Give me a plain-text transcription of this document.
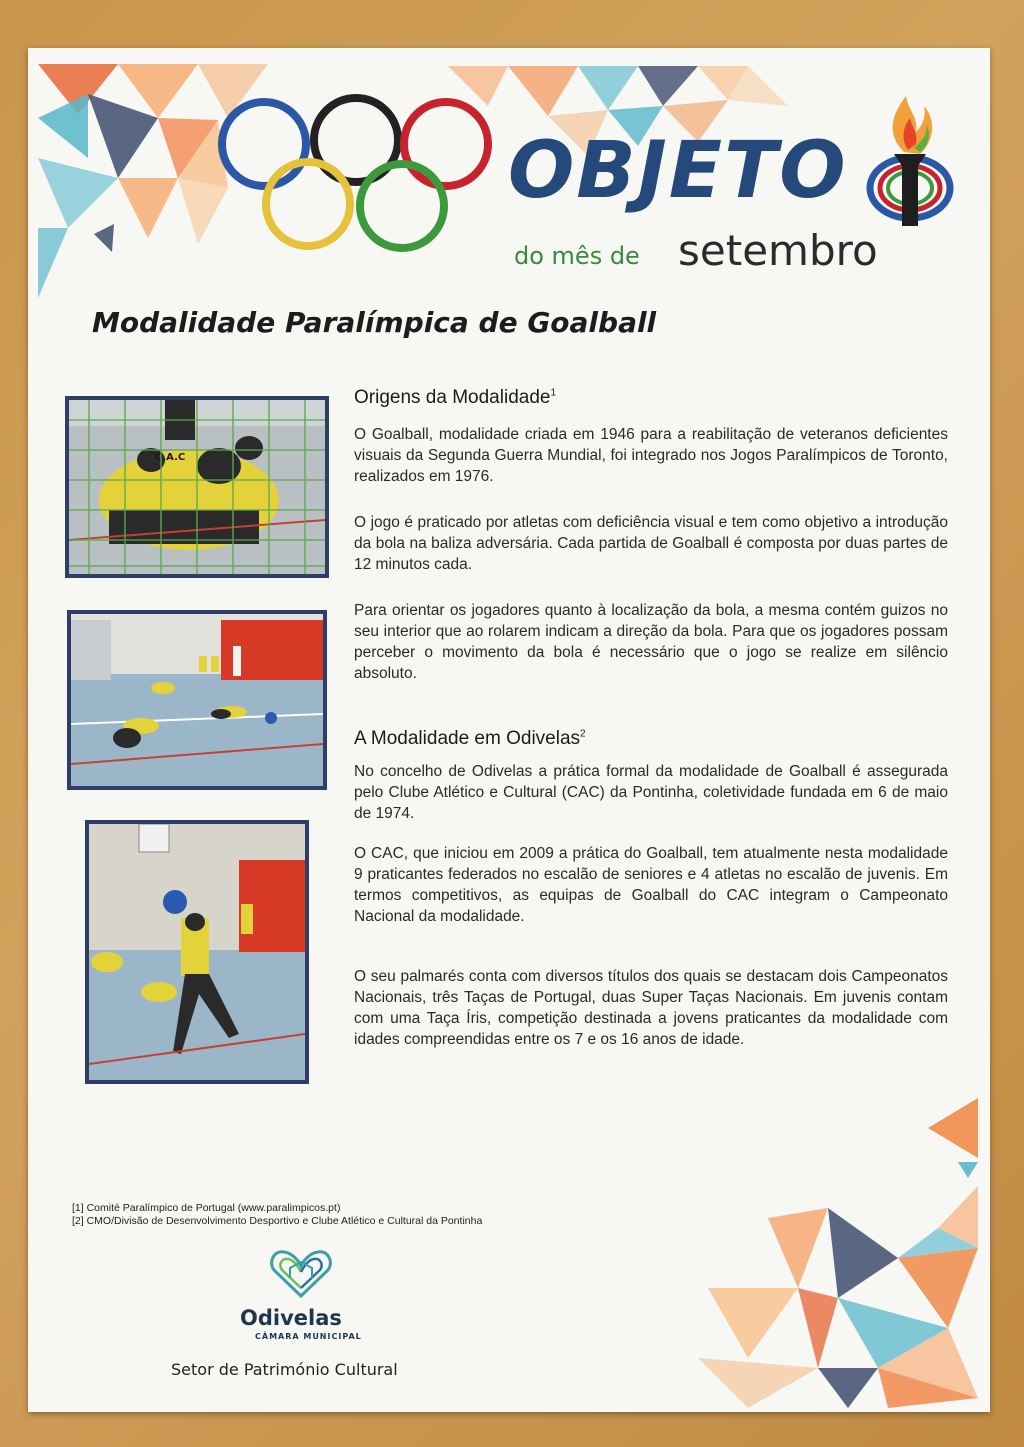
OBJETO
do mês de setembro
Modalidade Paralímpica de Goalball
C.A.C
Origens da Modalidade$^1$

O Goalball, modalidade criada em 1946 para a reabilitação de veteranos deficientes visuais da Segunda Guerra Mundial, foi integrado nos Jogos Paralímpicos de Toronto, realizados em 1976.

O jogo é praticado por atletas com deficiência visual e tem como objetivo a introdução da bola na baliza adversária. Cada partida de Goalball é composta por duas partes de 12 minutos cada.

Para orientar os jogadores quanto à localização da bola, a mesma contém guizos no seu interior que ao rolarem indicam a direção da bola. Para que os jogadores possam perceber o movimento da bola é necessário que o jogo se realize em silêncio absoluto.

A Modalidade em Odivelas$^2$

No concelho de Odivelas a prática formal da modalidade de Goalball é assegurada pelo Clube Atlético e Cultural (CAC) da Pontinha, coletividade fundada em 6 de maio de 1974.

O CAC, que iniciou em 2009 a prática do Goalball, tem atualmente nesta modalidade 9 praticantes federados no escalão de seniores e 4 atletas no escalão de juvenis. Em termos competitivos, as equipas de Goalball do CAC integram o Campeonato Nacional da modalidade.

O seu palmarés conta com diversos títulos dos quais se destacam dois Campeonatos Nacionais, três Taças de Portugal, duas Super Taças Nacionais. Em juvenis contam com uma Taça Íris, competição destinada a jovens praticantes da modalidade com idades compreendidas entre os 7 e os 16 anos de idade.

[1] Comité Paralímpico de Portugal (www.paralimpicos.pt)
[2] CMO/Divisão de Desenvolvimento Desportivo e Clube Atlético e Cultural da Pontinha
Odivelas
CÂMARA MUNICIPAL
Setor de Património Cultural
